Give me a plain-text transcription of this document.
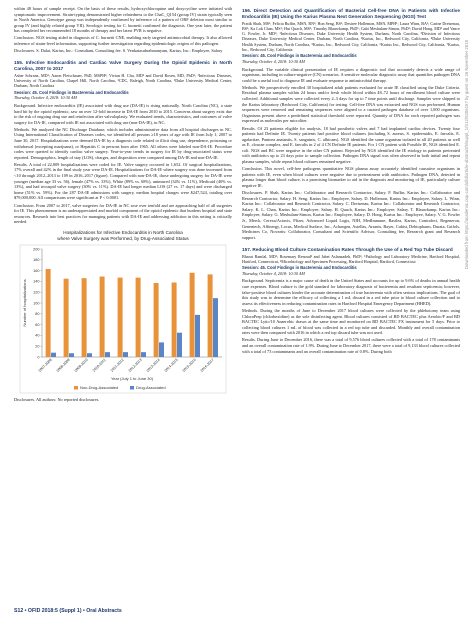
within 48 hours of sample receipt. On the basis of these results, hydroxychloroquine and doxycycline were initiated with symptomatic improvement. Strain-typing demonstrated higher relatedness to the ChaC_Q154 (group IV) strain typically seen in North America. Genotype group was independently confirmed by inference of a pattern of ORF deletion most similar to group IV (and highly related group VII). Serologic testing for C. burnetii confirmed the diagnosis. One year later, the patient has completed her recommended 18 months of therapy and her latest PVR is negative.

Conclusion. NGS testing aided in diagnosis of C. burnetii CNE, enabling early targeted antimicrobial therapy. It also allowed inference of strain-level information, supporting further investigation regarding epidemiologic origins of this pathogen.

Disclosures. S. Dalai, Karius, Inc.: Consultant, Consulting fee. S. Venkatasubrahmanyam, Karius, Inc.: Employee, Salary

155. Infective Endocarditis and Cardiac Valve Surgery During the Opioid Epidemic in North Carolina, 2007 to 2017
Asher Schranz, MD¹; Aaron Fleischauer, PhD, MSPH²; Vivian H. Chu, MD³ and David Rosen, MD, PhD¹; ¹Infectious Diseases, University of North Carolina, Chapel Hill, North Carolina, ²CDC, Raleigh, North Carolina, ³Duke University Medical Center, Durham, North Carolina
Session: 45. Cool Findings in Bacteremia and Endocarditis
Thursday, October 4, 2018: 10:30 AM

Background. Infective endocarditis (IE) associated with drug use (DA-IE) is rising nationally. North Carolina (NC), a state hard hit by the opioid epidemic, saw an over 12-fold increase in DA-IE from 2010 to 2015. Concerns about surgery exist due to the risk of ongoing drug use and reinfection after valvuloplasty. We evaluated trends, characteristics, and outcomes of valve surgery for DA-IE, compared with IE not associated with drug use (non-DA-IE), in NC.

Methods. We analyzed the NC Discharge Database, which includes administrative data from all hospital discharges in NC. Using International Classification of Diseases codes, we identified all persons ≥18 years of age with IE from July 1, 2007 to June 30, 2017. Hospitalizations were deemed DA-IE by a diagnosis code related to illicit drug use, dependence, poisoning or withdrawal (excepting marijuana), or Hepatitis C in persons born after 1965. All others were labeled non-DA-IE. Procedure codes were queried to identify cardiac valve surgery. Year-to-year trends in surgery for IE by drug-associated status were reported. Demographics, length of stay (LOS), charges, and disposition were compared among DA-IE and non-DA-IE.

Results. A total of 22,809 hospitalizations were coded for IE. Valve surgery occurred in 1,652. Of surgical hospitalizations, 17% overall and 42% in the final study year were DA-IE. Hospitalizations for DA-IE where surgery was done increased from <10 through 2012–2013 to 109 in 2016–2017 (figure). Compared with non-DA-IE, those undergoing surgery for DA-IE were younger (median age 33 vs. 56), female (47% vs. 33%), White (89% vs. 68%), uninsured (34% vs. 11%), Medicaid (40% vs. 13%), and had tricuspid valve surgery (30% vs. 11%). DA-IE had longer median LOS (27 vs. 17 days) and were discharged home (51% vs. 59%). For the 287 DA-IE admissions with surgery, median hospital charges were $247,524, totaling over $79,000,000. All comparisons were significant at P < 0.0001.

Conclusion. From 2007 to 2017, valve surgeries for DA-IE in NC rose over tenfold and are approaching half of all surgeries for IE. This phenomenon is an underappreciated and morbid component of the opioid epidemic that burdens hospital and state resources. Research into best practices for managing patients with DA-IE and addressing addiction in this setting is critically needed.

Hospitalizations for Infective Endocarditis in North Carolina
where Valve Surgery was Performed, by Drug-Associated Status
0
20
40
60
80
100
120
140
160
180
200
Number of hospitalizations
2007-2008 2008-2009 2009-2010 2010-2011 2011-2012 2012-2013 2013-2014 2014-2015 2015-2016 2016-2017
Year (July 1 to June 30)
Non-Drug-Associated	Drug-Associated

Disclosures. All authors: No reported disclosures.

156. Direct Detection and Quantification of Bacterial Cell-free DNA in Patients with Infective Endocarditis (IE) Using the Karius Plasma Next Generation Sequencing (NGS) Test
Pratik Shah, MS¹; Felicia Ruffin, MSN, RN²; Hon Seng, BS¹; Desiree Hollemon, MSN, MPH¹; Laura Winn, BA¹; Carine Dreisenau, BS¹; Ka Lok Chan, MS¹; Hui Quach, MS¹; Timothy Blauwkamp, PhD¹; Gabi Meshulam-Simon, PhD¹; David Hong, MD¹ and Vance G. Fowler, Jr. MD²; ¹Infectious Diseases, Duke University Health System, Durham, North Carolina, ²Division of Infectious Diseases, Duke University Medical Center, Durham, North Carolina, ³Karius, Inc., Redwood City, California, ⁴Duke University Health System, Durham, North Carolina, ⁵Karius, Inc., Redwood City, California, ⁶Karius Inc., Redwood City, California, ⁷Karius, Inc., Redwood City, California
Session: 45. Cool Findings in Bacteremia and Endocarditis
Thursday, October 4, 2018: 10:30 AM

Background. The variable clinical presentation of IE requires a diagnostic tool that accurately detects a wide range of organisms, including in culture-negative (CN) scenarios. A sensitive molecular diagnostic assay that quantifies pathogen DNA could be a useful tool to diagnose IE and evaluate response to antimicrobial therapy.

Methods. We prospectively enrolled 30 hospitalized adult patients evaluated for acute IE classified using the Duke Criteria. Residual plasma samples within 24 hours and/or fresh whole blood within 48–72 hours of enrollment blood culture were collected. Additional samples were collected every 2–3 days for up to 7 time points until discharge. Samples were shipped to the Karius laboratory (Redwood City, California) for testing. Cell-free DNA was extracted and NGS was performed. Human sequences were removed and remaining sequences were aligned to a curated pathogen database of over 1,000 organisms. Organisms present above a predefined statistical threshold were reported. Quantity of DNA for each reported pathogen was expressed as molecules per microliter.

Results. Of 23 patients eligible for analysis, 18 had prosthetic valves and 7 had implanted cardiac devices. Twenty four patients had Definite IE. Twenty patients had positive blood cultures (including S. aureus, S. epidermidis, E. faecalis, E. agalactiae, Pantoea anatantis, S. sanguinis, C. albicans). NGS identified the same organism isolated in all 20 patients as well as E. cloacae complex, and E. faecalis in 2 of 4 CN Definite IE patients. For 1 CN patient with Possible IE, NGS identified E. coli. NGS and BC were negative in the other CN patient. Rejected by NGS identified the IE etiology in patients pretreated with antibiotics up to 23 days prior to sample collection. Pathogen DNA signal was often observed in both initial and repeat plasma samples, while repeat blood cultures remained negative.

Conclusion. This novel, cell-free pathogens quantitative NGS plasma assay accurately identified causative organisms in patients with IE, even when blood cultures were negative due to pretreatment with antibiotics. Pathogen DNA, detected in plasma longer than blood culture, is a promising biomarker to aid in the diagnosis and monitoring of IE, particularly culture negative IE.

Disclosures. P. Shah, Karius Inc.: Collaborator and Research Contractor, Salary. F. Ruffin, Karius Inc.: Collaborator and Research Contractor, Salary. H. Seng, Karius Inc.: Employee, Salary. D. Hollemon, Karius Inc.: Employee, Salary. L. Winn, Karius Inc.: Collaborator and Research Contractor, Salary. C. Dreisenau, Karius Inc.: Collaborator and Research Contractor, Salary. K. L. Chan, Karius Inc.: Employee, Salary. H. Quach, Karius Inc.: Employee, Salary. T. Blauwkamp, Karius Inc.: Employee, Salary. G. Meshulam-Simon, Karius Inc.: Employee, Salary. D. Hong, Karius Inc.: Employee, Salary. V. G. Fowler Jr., Merck, Cerexa/Actavis, Pfizer, Advanced Liquid Logis, NIH, MedImmune, Basilea, Karius, Contrafect, Regeneron, Genentech, Affinergy, Locus, Medical Surface, Inc., Achaogen, Astellas, Arsanis, Bayer, Cubist, Debiopharm, Durata, Grifols, Medicines Co, Novartis: Collaborator, Consultant and Scientific Advisor, Consulting fee, Research grant and Research support.

157. Reducing Blood Culture Contamination Rates Through the Use of a Red Top Tube Discard
Bharat Ramlal, MD¹; Rosemary Renoud² and Jabet Aslanzadeh, PhD³; ¹Pathology and Laboratory Medicine, Hartford Hospital, Hartford, Connecticut, ²Microbiology and Specimen Processing, Hartford Hospital, Hartford, Connecticut
Session: 45. Cool Findings in Bacteremia and Endocarditis
Thursday, October 4, 2018: 10:30 AM

Background. Septicemia is a major cause of death in the United States and accounts for up to 9.6% of deaths in annual health care expenses. Blood culture is the gold standard for laboratory diagnosis of bacteremia and resultant septicemia; however, false-positive blood cultures hinder the accurate determination of true bacteremia with often serious implications. The goal of this study was to determine the efficacy of collecting a 1 mL discard in a red tube prior to blood culture collection and to assess its effectiveness in reducing contamination rates in Hartford Hospital Emergency Department (HHED).

Methods. During the months of June to December 2017 blood cultures were collected by the phlebotomy team using ChloraPrep (chlorhexidine) as the sole disinfecting agent. Blood cultures consisted of BD BACTEC plus Aerobic/F and BD BACTEC Lytic/10 Anaerobic drawn at the same time and monitored on BD BACTEC FX instrument for 5 days. Prior to collecting blood cultures 1 mL of blood was collected in a red top tube and discarded. Monthly and overall contamination rates were then compared with 2016 in which a red top discard tube was not used.

Results. During June to December 2016, there was a total of 9,576 blood cultures collected with a total of 178 contaminants and an overall contamination rate of 1.9%. During June to December 2017, there were a total of 9,133 blood cultures collected with a total of 73 contaminants and an overall contamination rate of 0.8%. During both

S12 • OFID 2018:5 (Suppl 1) • Oral Abstracts
Downloaded from https://academic.oup.com/ofid/article-abstract/5/suppl_1/S12/5206157 by guest on 26 November 2018
